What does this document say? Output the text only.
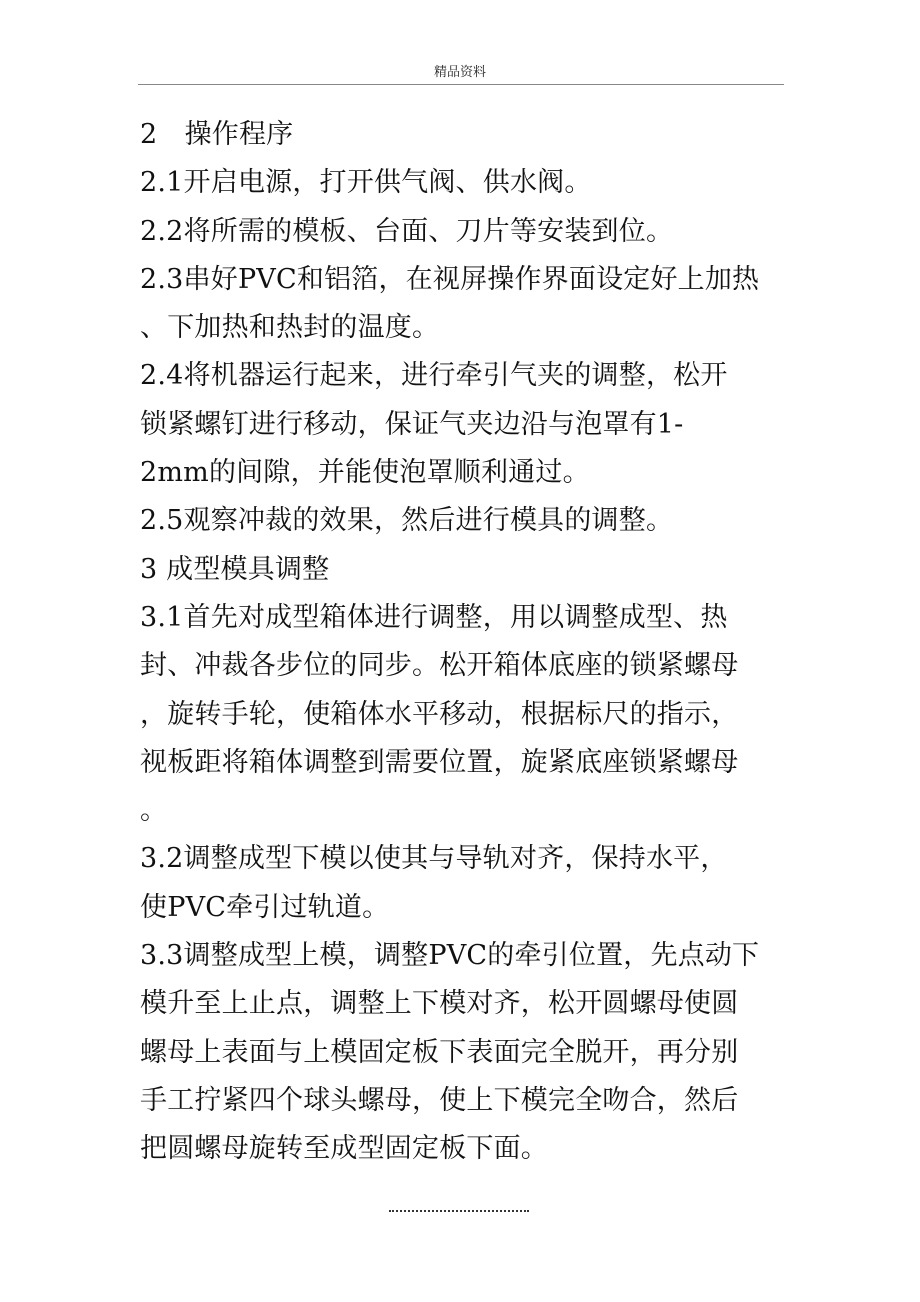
精品资料
2　操作程序
2.1开启电源，打开供气阀、供水阀。
2.2将所需的模板、台面、刀片等安装到位。
2.3串好PVC和铝箔，在视屏操作界面设定好上加热
、下加热和热封的温度。
2.4将机器运行起来，进行牵引气夹的调整，松开
锁紧螺钉进行移动，保证气夹边沿与泡罩有1-
2mm的间隙，并能使泡罩顺利通过。
2.5观察冲裁的效果，然后进行模具的调整。
3 成型模具调整
3.1首先对成型箱体进行调整，用以调整成型、热
封、冲裁各步位的同步。松开箱体底座的锁紧螺母
，旋转手轮，使箱体水平移动，根据标尺的指示，
视板距将箱体调整到需要位置，旋紧底座锁紧螺母
。
3.2调整成型下模以使其与导轨对齐，保持水平，
使PVC牵引过轨道。
3.3调整成型上模，调整PVC的牵引位置，先点动下
模升至上止点，调整上下模对齐，松开圆螺母使圆
螺母上表面与上模固定板下表面完全脱开，再分别
手工拧紧四个球头螺母，使上下模完全吻合，然后
把圆螺母旋转至成型固定板下面。
